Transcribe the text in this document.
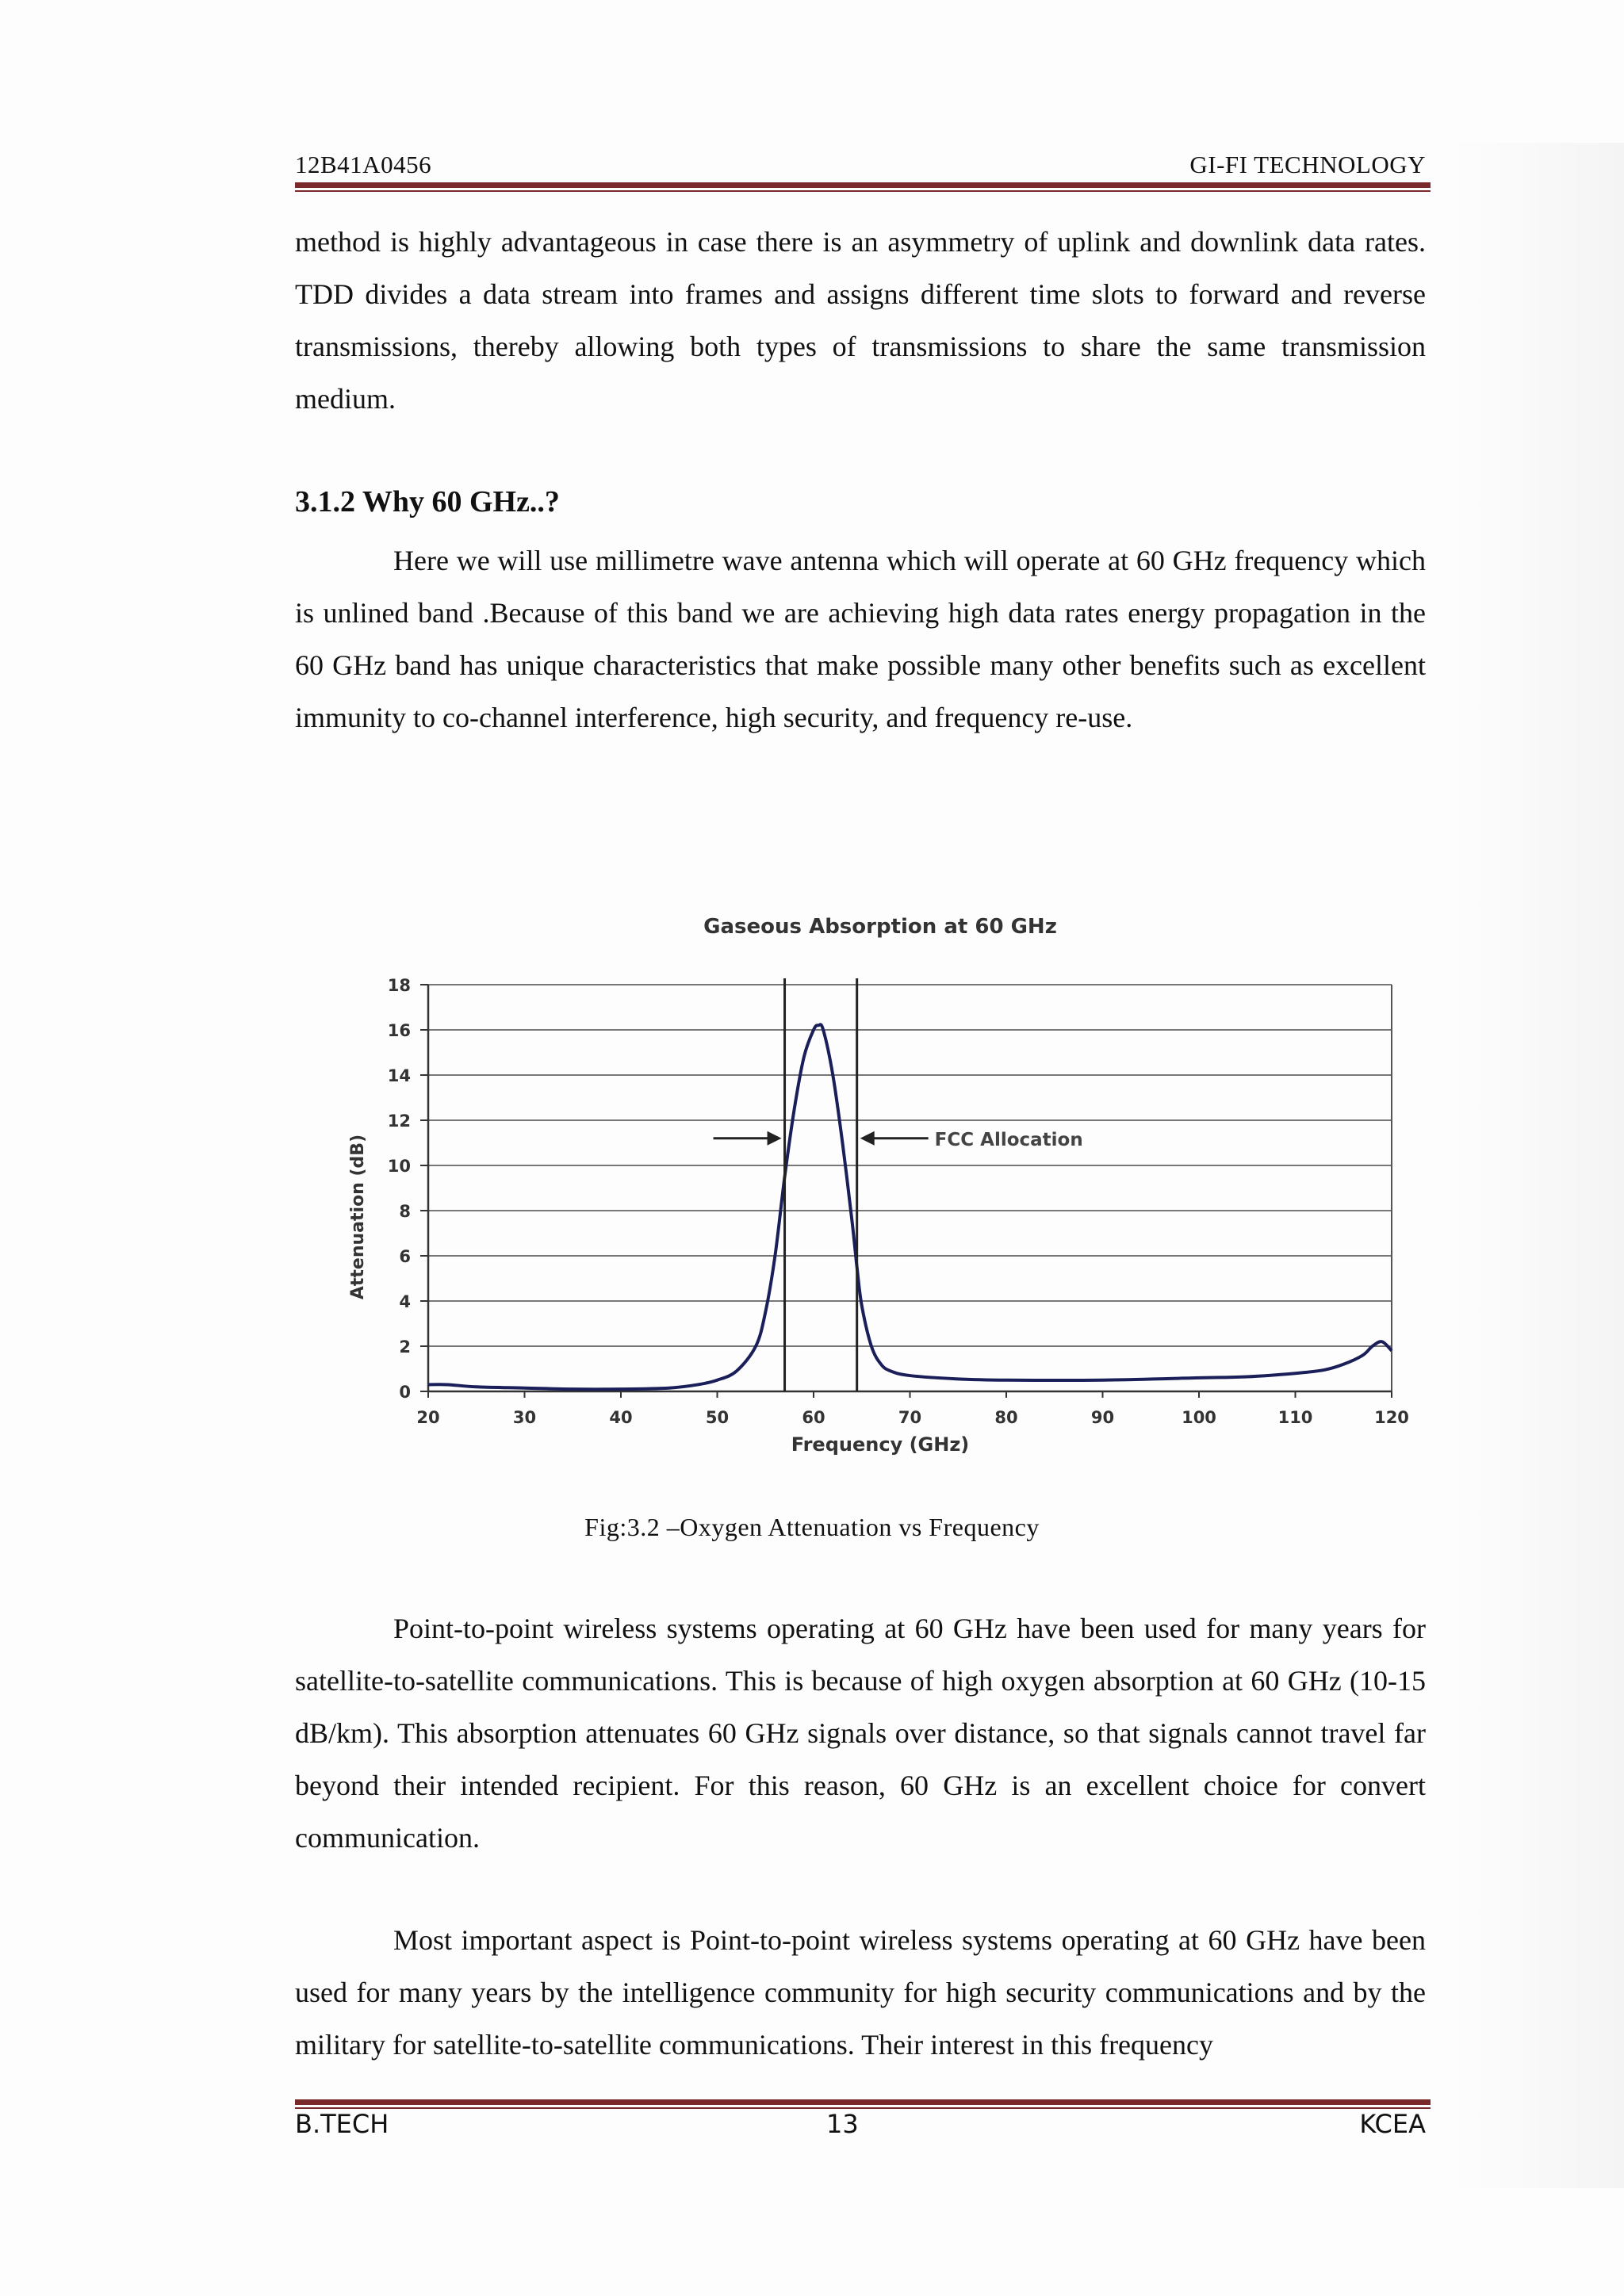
12B41A0456	GI-FI TECHNOLOGY

method is highly advantageous in case there is an asymmetry of uplink and downlink data rates. TDD divides a data stream into frames and assigns different time slots to forward and reverse transmissions, thereby allowing both types of transmissions to share the same transmission medium.

3.1.2 Why 60 GHz..?

Here we will use millimetre wave antenna which will operate at 60 GHz frequency which is unlined band .Because of this band we are achieving high data rates energy propagation in the 60 GHz band has unique characteristics that make possible many other benefits such as excellent immunity to co-channel interference, high security, and frequency re-use.

0
2
4
6
8
10
12
14
16
18
20	30	40	50	60	70	80	90	100	110	120
FCC Allocation
Gaseous Absorption at 60 GHz
Frequency (GHz)
Attenuation (dB)
Fig:3.2 –Oxygen Attenuation vs Frequency

Point-to-point wireless systems operating at 60 GHz have been used for many years for satellite-to-satellite communications. This is because of high oxygen absorption at 60 GHz (10-15 dB/km). This absorption attenuates 60 GHz signals over distance, so that signals cannot travel far beyond their intended recipient. For this reason, 60 GHz is an excellent choice for convert communication.

Most important aspect is Point-to-point wireless systems operating at 60 GHz have been used for many years by the intelligence community for high security communications and by the military for satellite-to-satellite communications. Their interest in this frequency

B.TECH	13	KCEA
